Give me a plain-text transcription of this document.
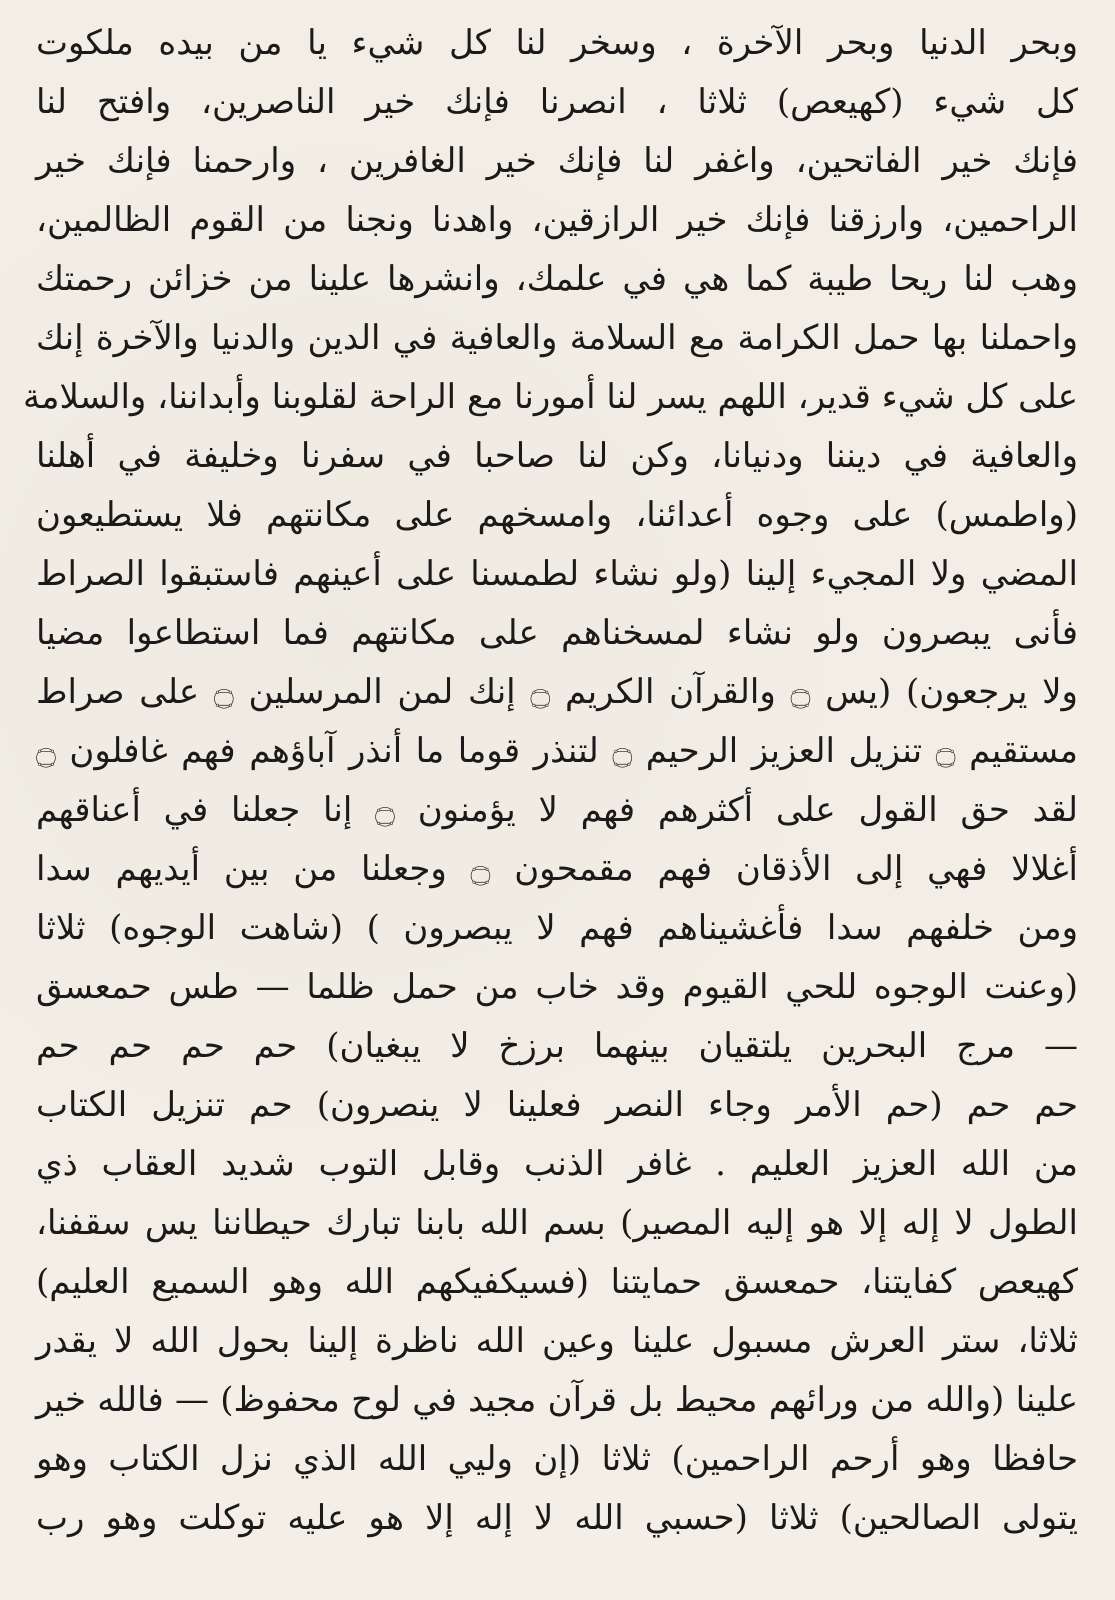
وبحر الدنيا وبحر الآخرة ، وسخر لنا كل شيء يا من بيده ملكوت
كل شيء (كهيعص) ثلاثا ، انصرنا فإنك خير الناصرين، وافتح لنا
فإنك خير الفاتحين، واغفر لنا فإنك خير الغافرين ، وارحمنا فإنك خير
الراحمين، وارزقنا فإنك خير الرازقين، واهدنا ونجنا من القوم الظالمين،
وهب لنا ريحا طيبة كما هي في علمك، وانشرها علينا من خزائن رحمتك
واحملنا بها حمل الكرامة مع السلامة والعافية في الدين والدنيا والآخرة إنك
على كل شيء قدير، اللهم يسر لنا أمورنا مع الراحة لقلوبنا وأبداننا، والسلامة
والعافية في ديننا ودنيانا، وكن لنا صاحبا في سفرنا وخليفة في أهلنا
(واطمس) على وجوه أعدائنا، وامسخهم على مكانتهم فلا يستطيعون
المضي ولا المجيء إلينا (ولو نشاء لطمسنا على أعينهم فاستبقوا الصراط
فأنى يبصرون ولو نشاء لمسخناهم على مكانتهم فما استطاعوا مضيا
ولا يرجعون) (يس ۝ والقرآن الكريم ۝ إنك لمن المرسلين ۝ على صراط
مستقيم ۝ تنزيل العزيز الرحيم ۝ لتنذر قوما ما أنذر آباؤهم فهم غافلون ۝
لقد حق القول على أكثرهم فهم لا يؤمنون ۝ إنا جعلنا في أعناقهم
أغلالا فهي إلى الأذقان فهم مقمحون ۝ وجعلنا من بين أيديهم سدا
ومن خلفهم سدا فأغشيناهم فهم لا يبصرون ) (شاهت الوجوه) ثلاثا
(وعنت الوجوه للحي القيوم وقد خاب من حمل ظلما — طس حمعسق
— مرج البحرين يلتقيان بينهما برزخ لا يبغيان) حم حم حم حم
حم حم (حم الأمر وجاء النصر فعلينا لا ينصرون) حم تنزيل الكتاب
من الله العزيز العليم . غافر الذنب وقابل التوب شديد العقاب ذي
الطول لا إله إلا هو إليه المصير) بسم الله بابنا تبارك حيطاننا يس سقفنا،
كهيعص كفايتنا، حمعسق حمايتنا (فسيكفيكهم الله وهو السميع العليم)
ثلاثا، ستر العرش مسبول علينا وعين الله ناظرة إلينا بحول الله لا يقدر
علينا (والله من ورائهم محيط بل قرآن مجيد في لوح محفوظ) — فالله خير
حافظا وهو أرحم الراحمين) ثلاثا (إن وليي الله الذي نزل الكتاب وهو
يتولى الصالحين) ثلاثا (حسبي الله لا إله إلا هو عليه توكلت وهو رب
